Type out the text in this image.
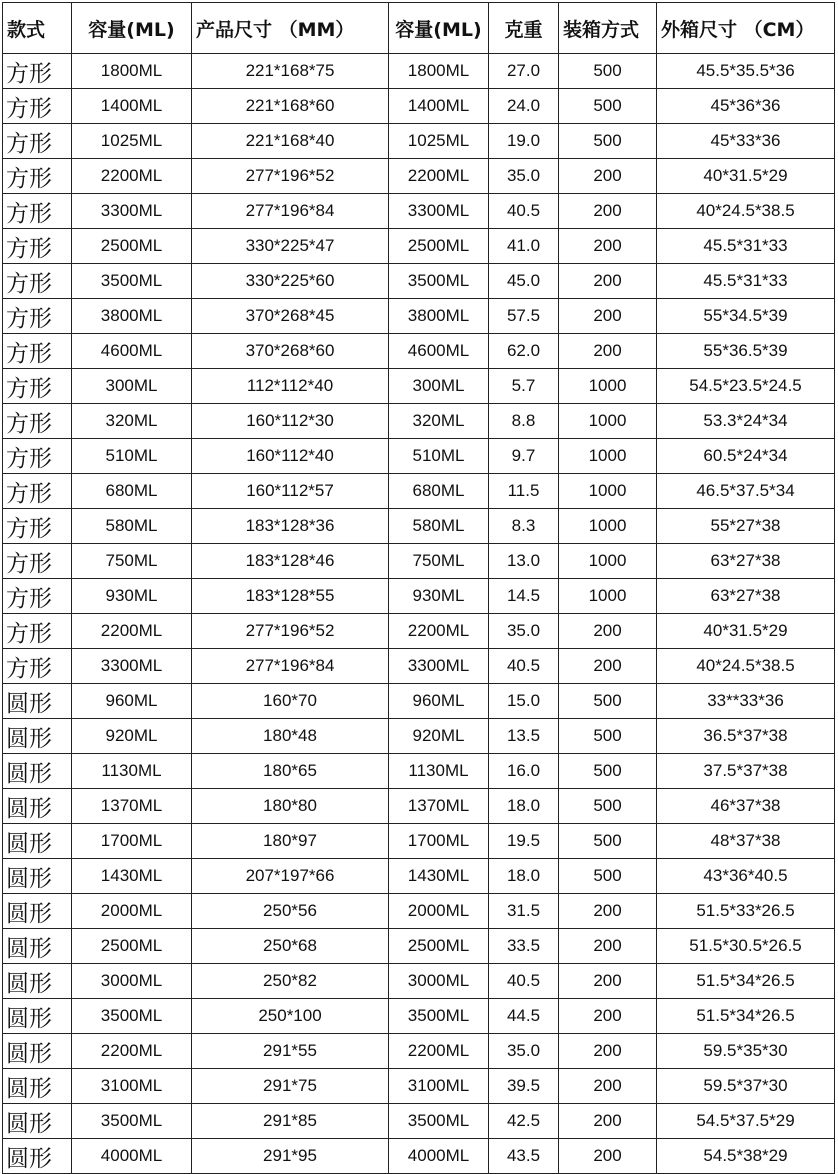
款式	容量(ML)	产品尺寸 （MM）	容量(ML)	克重	装箱方式	外箱尺寸 （CM）
方形	1800ML	221*168*75	1800ML	27.0	500	45.5*35.5*36
方形	1400ML	221*168*60	1400ML	24.0	500	45*36*36
方形	1025ML	221*168*40	1025ML	19.0	500	45*33*36
方形	2200ML	277*196*52	2200ML	35.0	200	40*31.5*29
方形	3300ML	277*196*84	3300ML	40.5	200	40*24.5*38.5
方形	2500ML	330*225*47	2500ML	41.0	200	45.5*31*33
方形	3500ML	330*225*60	3500ML	45.0	200	45.5*31*33
方形	3800ML	370*268*45	3800ML	57.5	200	55*34.5*39
方形	4600ML	370*268*60	4600ML	62.0	200	55*36.5*39
方形	300ML	112*112*40	300ML	5.7	1000	54.5*23.5*24.5
方形	320ML	160*112*30	320ML	8.8	1000	53.3*24*34
方形	510ML	160*112*40	510ML	9.7	1000	60.5*24*34
方形	680ML	160*112*57	680ML	11.5	1000	46.5*37.5*34
方形	580ML	183*128*36	580ML	8.3	1000	55*27*38
方形	750ML	183*128*46	750ML	13.0	1000	63*27*38
方形	930ML	183*128*55	930ML	14.5	1000	63*27*38
方形	2200ML	277*196*52	2200ML	35.0	200	40*31.5*29
方形	3300ML	277*196*84	3300ML	40.5	200	40*24.5*38.5
圆形	960ML	160*70	960ML	15.0	500	33**33*36
圆形	920ML	180*48	920ML	13.5	500	36.5*37*38
圆形	1130ML	180*65	1130ML	16.0	500	37.5*37*38
圆形	1370ML	180*80	1370ML	18.0	500	46*37*38
圆形	1700ML	180*97	1700ML	19.5	500	48*37*38
圆形	1430ML	207*197*66	1430ML	18.0	500	43*36*40.5
圆形	2000ML	250*56	2000ML	31.5	200	51.5*33*26.5
圆形	2500ML	250*68	2500ML	33.5	200	51.5*30.5*26.5
圆形	3000ML	250*82	3000ML	40.5	200	51.5*34*26.5
圆形	3500ML	250*100	3500ML	44.5	200	51.5*34*26.5
圆形	2200ML	291*55	2200ML	35.0	200	59.5*35*30
圆形	3100ML	291*75	3100ML	39.5	200	59.5*37*30
圆形	3500ML	291*85	3500ML	42.5	200	54.5*37.5*29
圆形	4000ML	291*95	4000ML	43.5	200	54.5*38*29
